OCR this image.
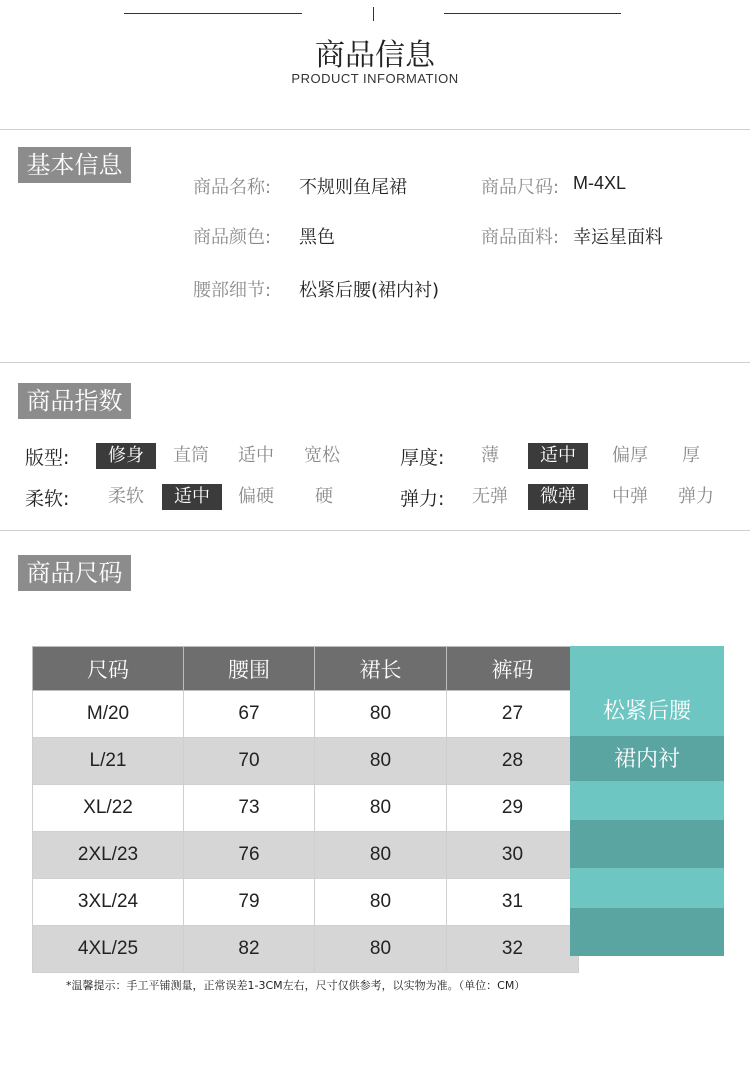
商品信息
PRODUCT INFORMATION
基本信息
商品名称: 不规则鱼尾裙	商品尺码: M-4XL
商品颜色: 黑色	商品面料: 幸运星面料
腰部细节: 松紧后腰(裙内衬)
商品指数
版型:	修身	直筒	适中	宽松	厚度:	薄	适中	偏厚	厚
柔软:	柔软	适中	偏硬	硬	弹力:	无弹	微弹	中弹	弹力
商品尺码
尺码	腰围	裙长	裤码
M/20	67	80	27
L/21	70	80	28
XL/22	73	80	29
2XL/23	76	80	30
3XL/24	79	80	31
4XL/25	82	80	32
松紧后腰
裙内衬
*温馨提示：手工平铺测量，正常误差1-3CM左右，尺寸仅供参考，以实物为准。（单位：CM）
